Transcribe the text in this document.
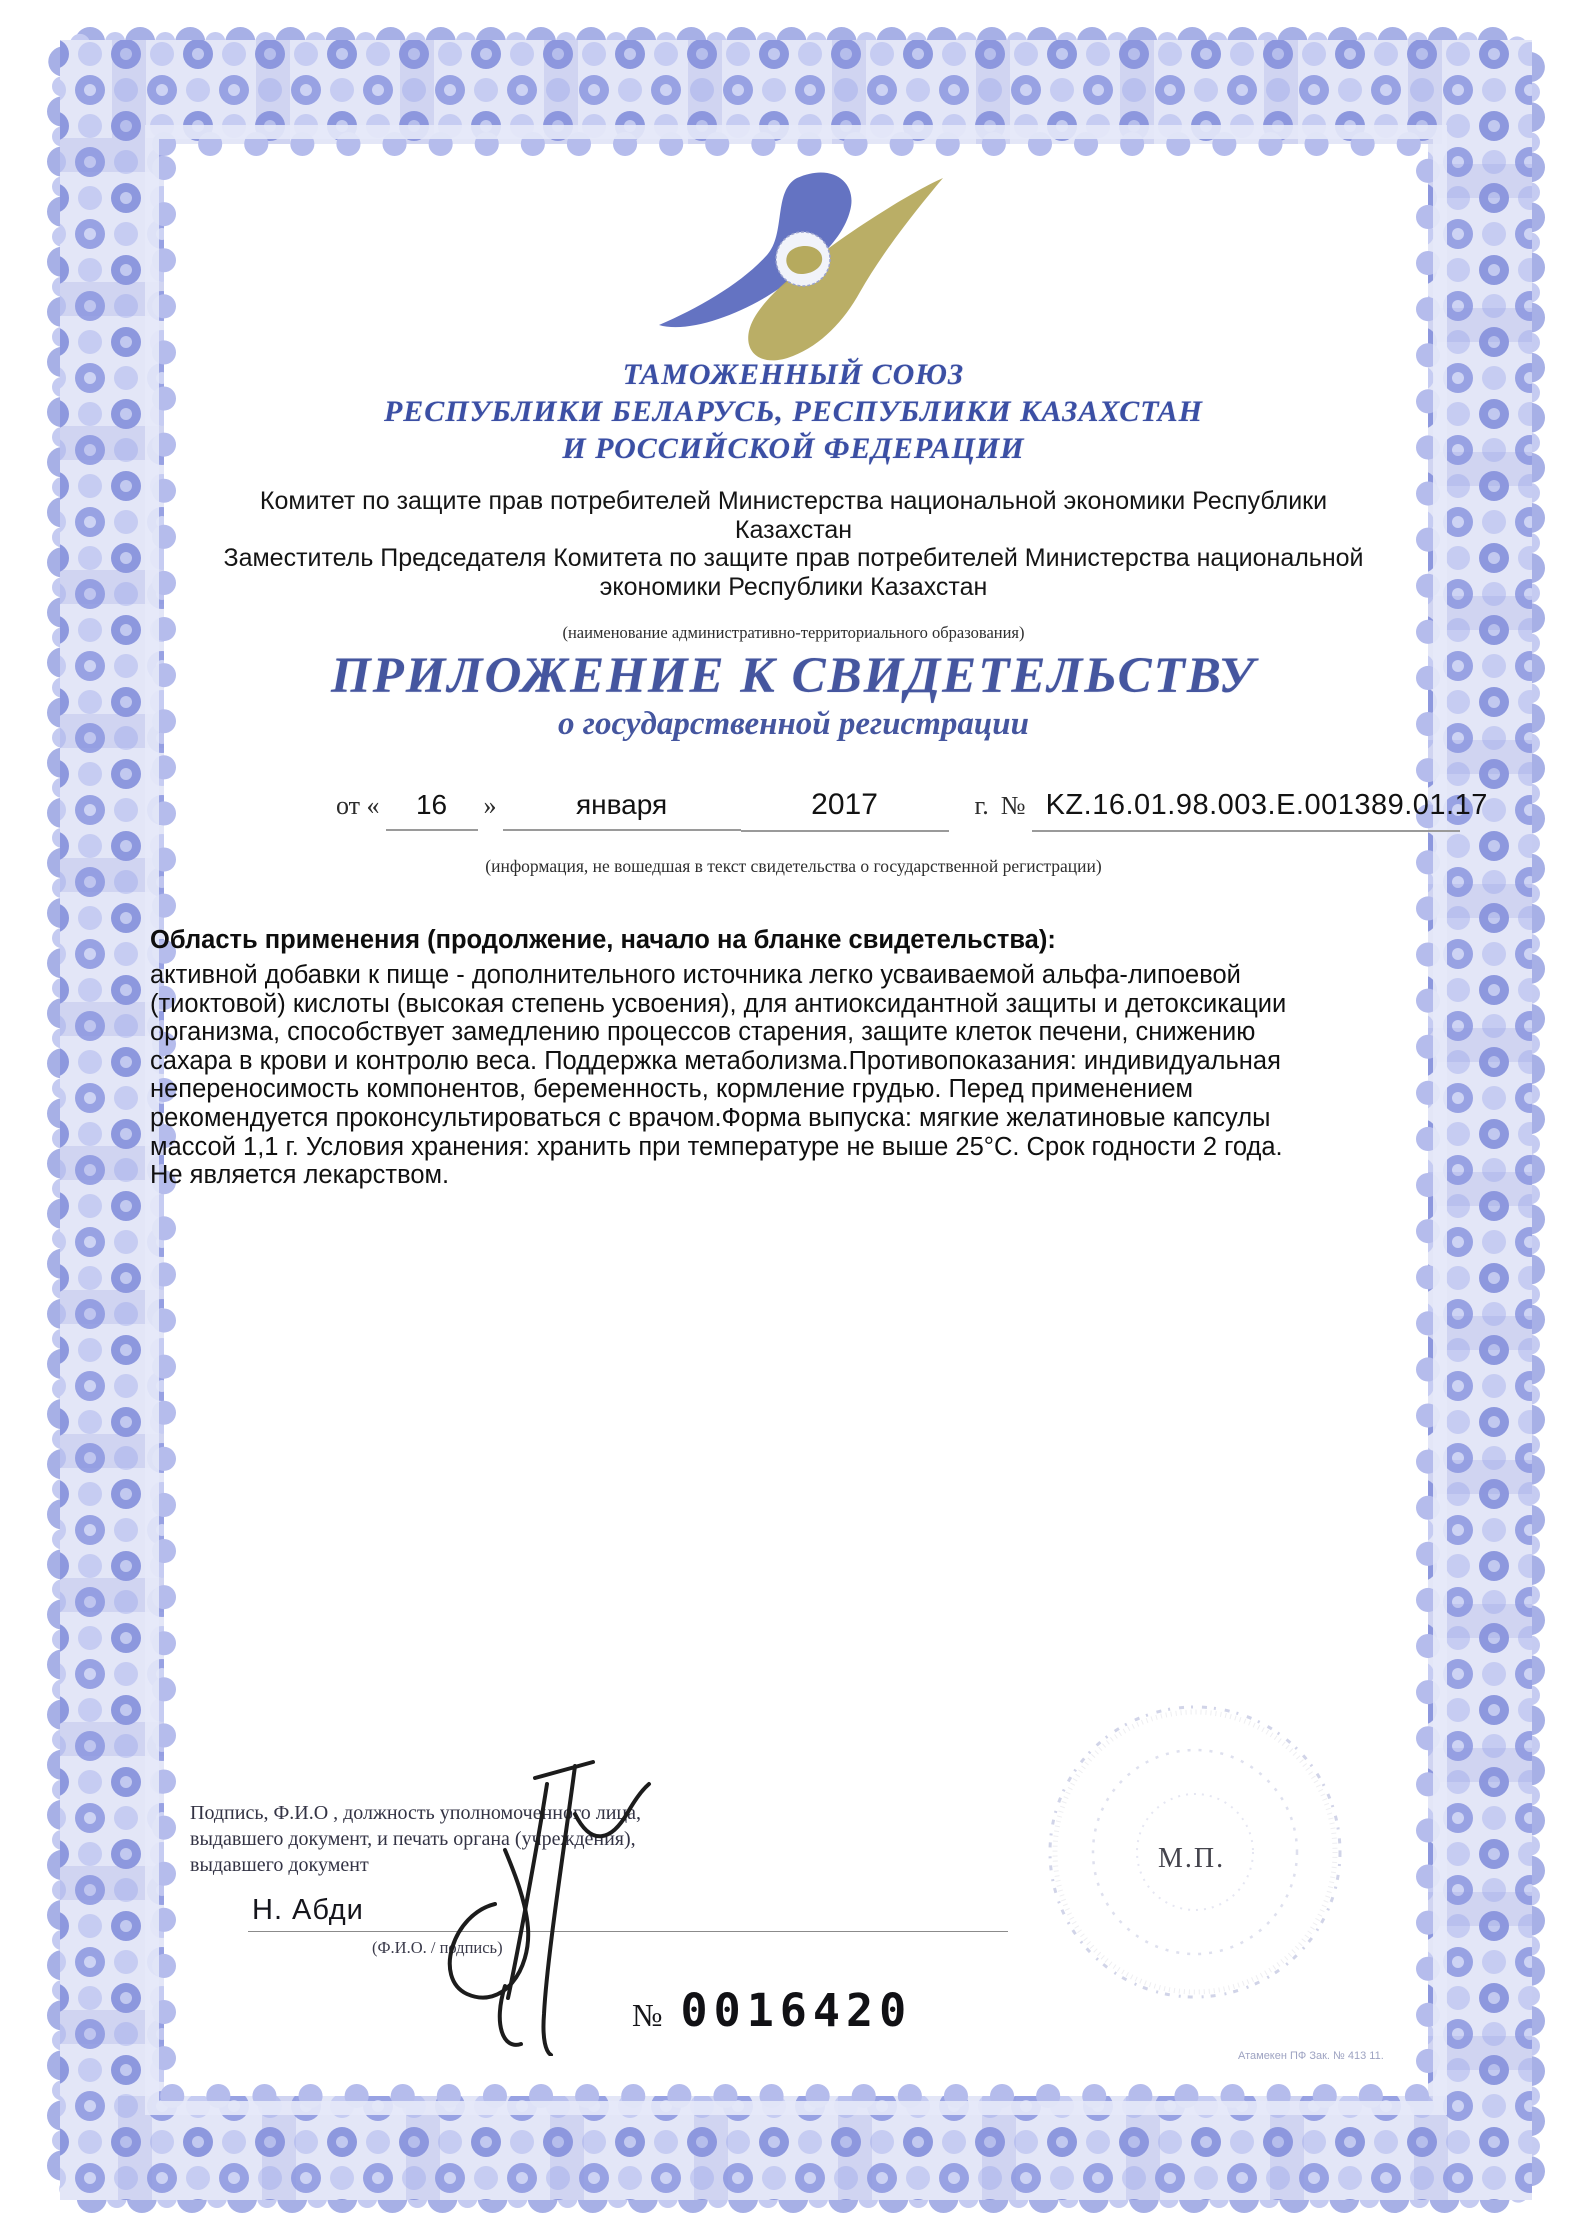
ТАМОЖЕННЫЙ СОЮЗ
РЕСПУБЛИКИ БЕЛАРУСЬ, РЕСПУБЛИКИ КАЗАХСТАН
И РОССИЙСКОЙ ФЕДЕРАЦИИ
Комитет по защите прав потребителей Министерства национальной экономики Республики
Казахстан
Заместитель Председателя Комитета по защите прав потребителей Министерства национальной
экономики Республики Казахстан
(наименование административно-территориального образования)
ПРИЛОЖЕНИЕ К СВИДЕТЕЛЬСТВУ
о государственной регистрации
от «	16	»	января	2017	г. № KZ.16.01.98.003.Е.001389.01.17
(информация, не вошедшая в текст свидетельства о государственной регистрации)
Область применения (продолжение, начало на бланке свидетельства):
активной добавки к пище - дополнительного источника легко усваиваемой альфа-липоевой
(тиоктовой) кислоты (высокая степень усвоения), для антиоксидантной защиты и детоксикации
организма, способствует замедлению процессов старения, защите клеток печени, снижению
сахара в крови и контролю веса. Поддержка метаболизма.Противопоказания: индивидуальная
непереносимость компонентов, беременность, кормление грудью. Перед применением
рекомендуется проконсультироваться с врачом.Форма выпуска: мягкие желатиновые капсулы
массой 1,1 г. Условия хранения: хранить при температуре не выше 25°С. Срок годности 2 года.
Не является лекарством.
Подпись, Ф.И.О , должность уполномоченного лица,
выдавшего документ, и печать органа (учреждения),
выдавшего документ
Н. Абди
(Ф.И.О. / подпись)
М.П.
№ 0016420
Атамекен ПФ Зак. № 413 11.
